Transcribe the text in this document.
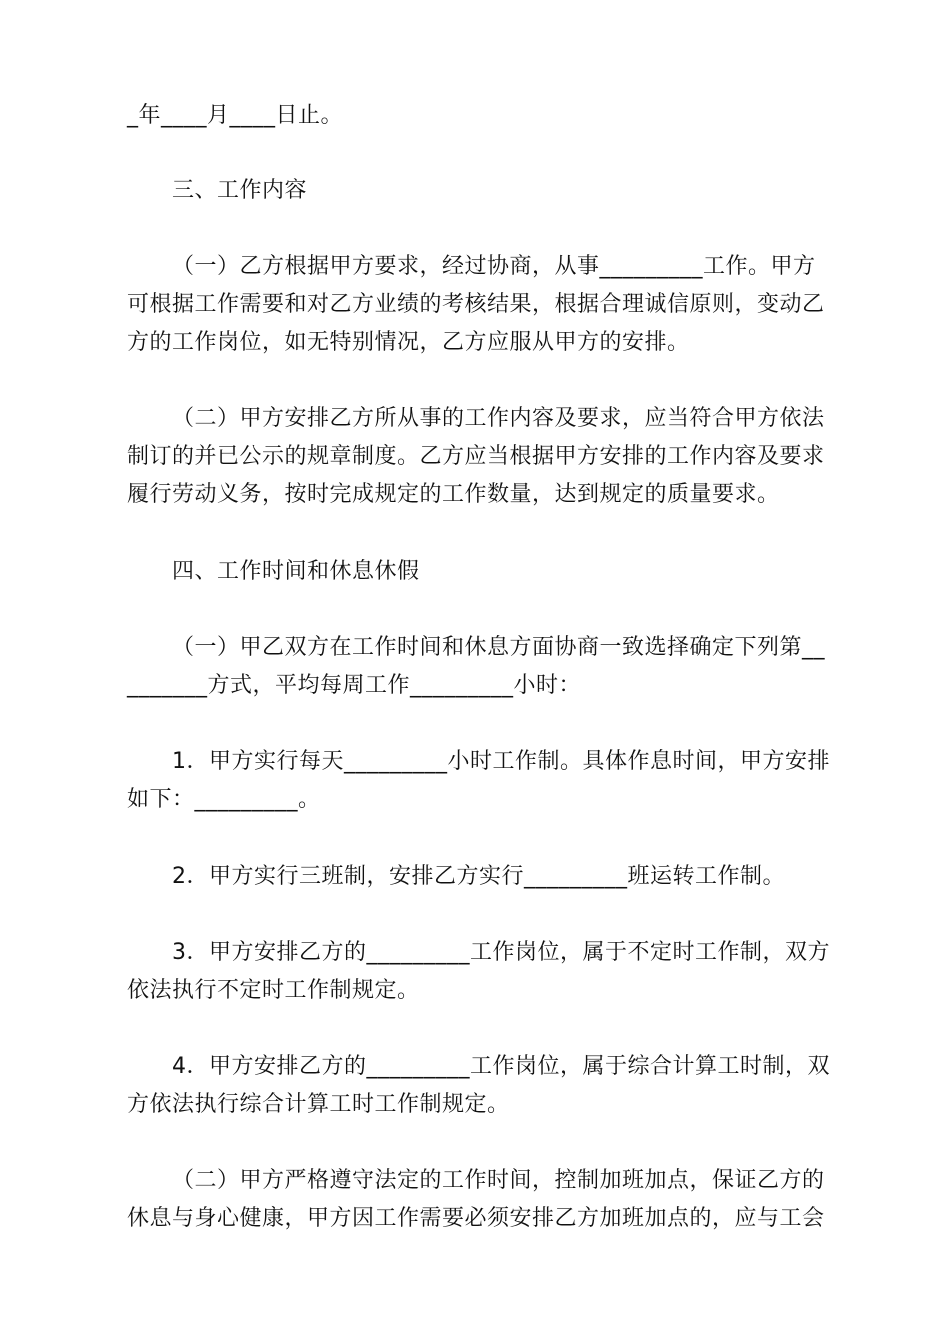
_年____月____日止。
三、工作内容
（一）乙方根据甲方要求，经过协商，从事_________工作。甲方
可根据工作需要和对乙方业绩的考核结果，根据合理诚信原则，变动乙
方的工作岗位，如无特别情况，乙方应服从甲方的安排。
（二）甲方安排乙方所从事的工作内容及要求，应当符合甲方依法
制订的并已公示的规章制度。乙方应当根据甲方安排的工作内容及要求
履行劳动义务，按时完成规定的工作数量，达到规定的质量要求。
四、工作时间和休息休假
（一）甲乙双方在工作时间和休息方面协商一致选择确定下列第__
_______方式，平均每周工作_________小时：
1．甲方实行每天_________小时工作制。具体作息时间，甲方安排
如下：_________。
2．甲方实行三班制，安排乙方实行_________班运转工作制。
3．甲方安排乙方的_________工作岗位，属于不定时工作制，双方
依法执行不定时工作制规定。
4．甲方安排乙方的_________工作岗位，属于综合计算工时制，双
方依法执行综合计算工时工作制规定。
（二）甲方严格遵守法定的工作时间，控制加班加点，保证乙方的
休息与身心健康，甲方因工作需要必须安排乙方加班加点的，应与工会
